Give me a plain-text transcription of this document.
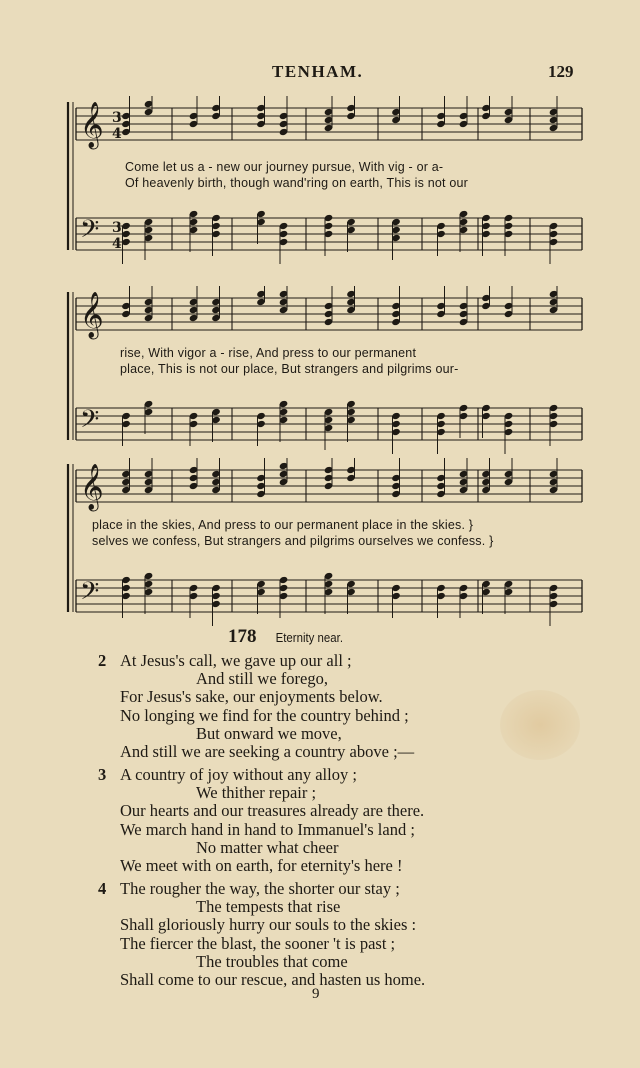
TENHAM.	129
𝄞 3
4
𝄢 3
4
Come let us a - new our journey pursue, With vig - or a-
Of heavenly birth, though wand'ring on earth, This is not our
𝄞
𝄢
rise, With vigor a - rise, And press to our permanent
place, This is not our place, But strangers and pilgrims our-
𝄞
𝄢
place in the skies, And press to our permanent place in the skies. }
selves we confess, But strangers and pilgrims ourselves we confess. }
178 Eternity near.
2 At Jesus's call, we gave up our all ;
And still we forego,
For Jesus's sake, our enjoyments below.
No longing we find for the country behind ;
But onward we move,
And still we are seeking a country above ;—
3 A country of joy without any alloy ;
We thither repair ;
Our hearts and our treasures already are there.
We march hand in hand to Immanuel's land ;
No matter what cheer
We meet with on earth, for eternity's here !
4 The rougher the way, the shorter our stay ;
The tempests that rise
Shall gloriously hurry our souls to the skies :
The fiercer the blast, the sooner 't is past ;
The troubles that come
Shall come to our rescue, and hasten us home.
9
